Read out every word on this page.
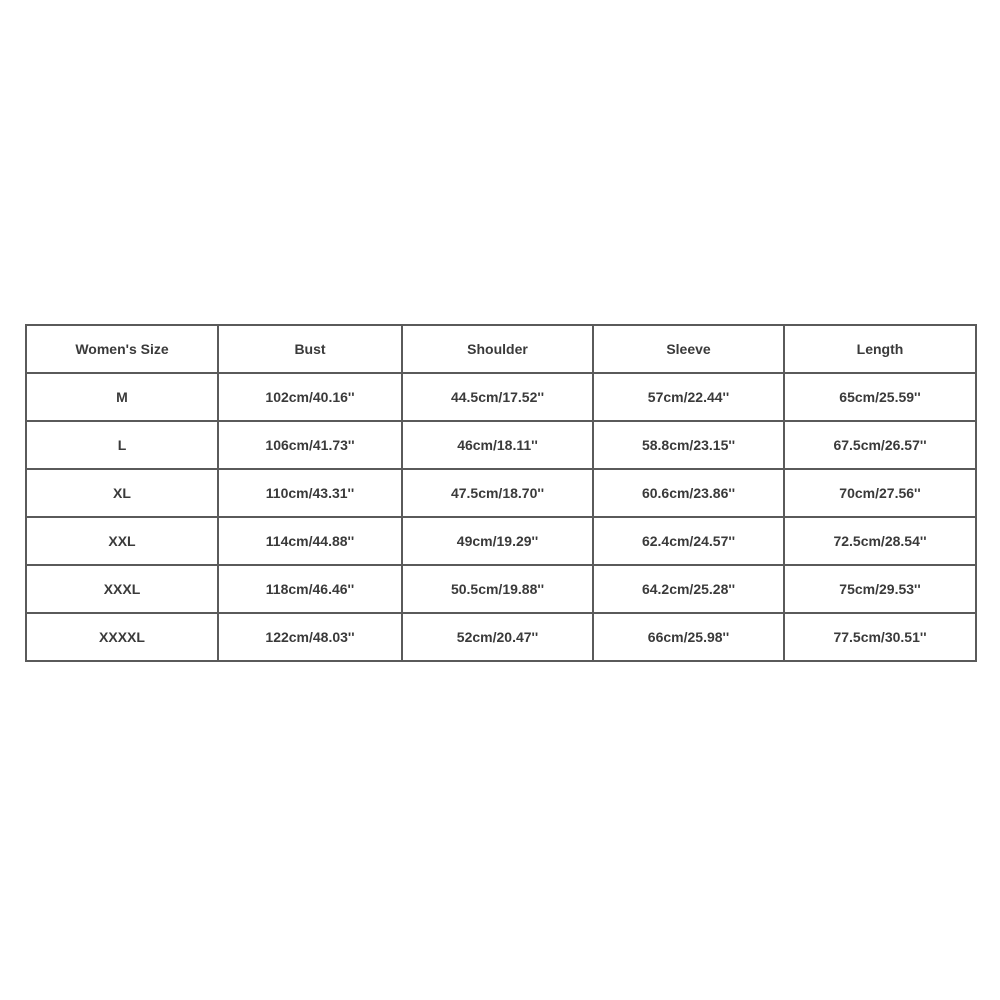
Women's Size	Bust	Shoulder	Sleeve	Length
M	102cm/40.16''	44.5cm/17.52''	57cm/22.44''	65cm/25.59''
L	106cm/41.73''	46cm/18.11''	58.8cm/23.15''	67.5cm/26.57''
XL	110cm/43.31''	47.5cm/18.70''	60.6cm/23.86''	70cm/27.56''
XXL	114cm/44.88''	49cm/19.29''	62.4cm/24.57''	72.5cm/28.54''
XXXL	118cm/46.46''	50.5cm/19.88''	64.2cm/25.28''	75cm/29.53''
XXXXL	122cm/48.03''	52cm/20.47''	66cm/25.98''	77.5cm/30.51''
